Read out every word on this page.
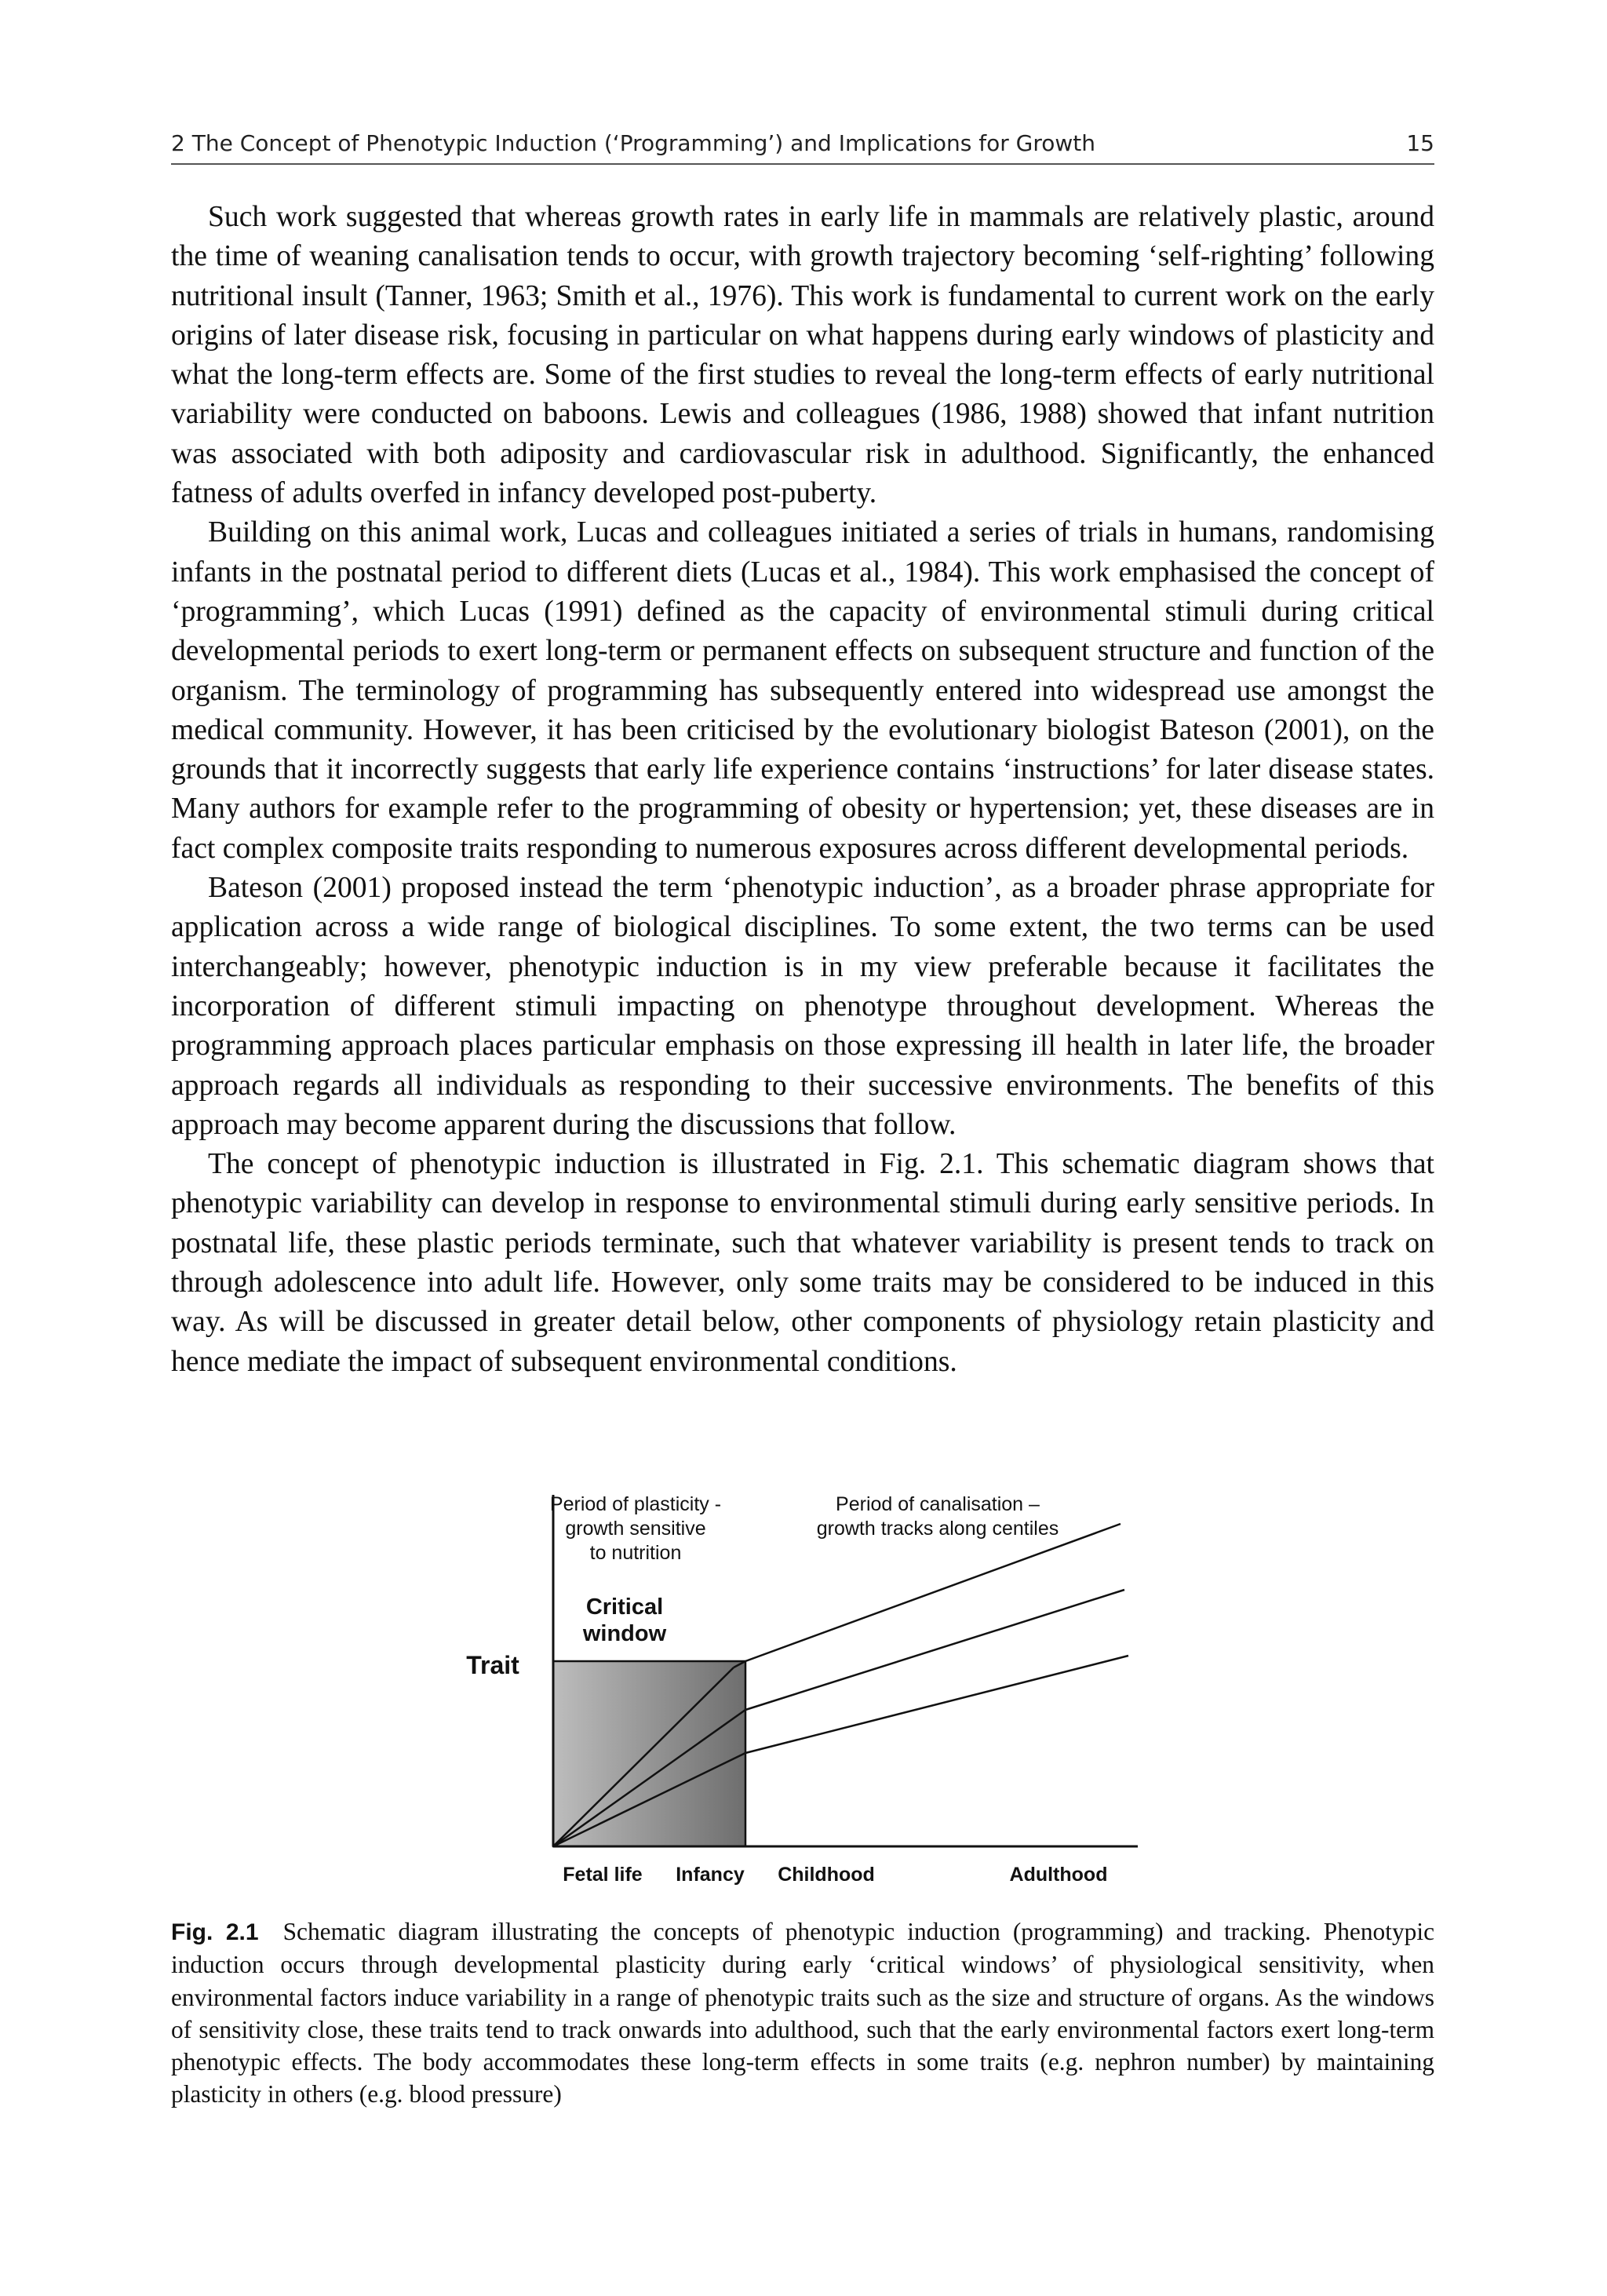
2 The Concept of Phenotypic Induction (‘Programming’) and Implications for Growth	15

Such work suggested that whereas growth rates in early life in mammals are relatively plastic, around the time of weaning canalisation tends to occur, with growth trajectory becoming ‘self-righting’ following nutritional insult (Tanner, 1963; Smith et al., 1976). This work is fundamental to current work on the early origins of later disease risk, focusing in particular on what happens during early windows of plasticity and what the long-term effects are. Some of the first studies to reveal the long-term effects of early nutritional variability were conducted on baboons. Lewis and colleagues (1986, 1988) showed that infant nutrition was associated with both adiposity and cardiovascular risk in adulthood. Significantly, the enhanced fatness of adults overfed in infancy developed post-puberty.

Building on this animal work, Lucas and colleagues initiated a series of trials in humans, randomising infants in the postnatal period to different diets (Lucas et al., 1984). This work emphasised the concept of ‘programming’, which Lucas (1991) defined as the capacity of environmental stimuli during critical developmental periods to exert long-term or permanent effects on subsequent structure and function of the organism. The terminology of programming has subsequently entered into widespread use amongst the medical community. However, it has been criticised by the evolutionary biologist Bateson (2001), on the grounds that it incorrectly suggests that early life experience contains ‘instructions’ for later disease states. Many authors for example refer to the programming of obesity or hypertension; yet, these diseases are in fact complex composite traits responding to numerous exposures across different developmental periods.

Bateson (2001) proposed instead the term ‘phenotypic induction’, as a broader phrase appropriate for application across a wide range of biological disciplines. To some extent, the two terms can be used interchangeably; however, phenotypic induction is in my view preferable because it facilitates the incorporation of different stimuli impacting on phenotype throughout development. Whereas the programming approach places particular emphasis on those expressing ill health in later life, the broader approach regards all individuals as responding to their successive environments. The benefits of this approach may become apparent during the discussions that follow.

The concept of phenotypic induction is illustrated in Fig. 2.1. This schematic diagram shows that phenotypic variability can develop in response to environmental stimuli during early sensitive periods. In postnatal life, these plastic periods terminate, such that whatever variability is present tends to track on through adolescence into adult life. However, only some traits may be considered to be induced in this way. As will be discussed in greater detail below, other components of physiology retain plasticity and hence mediate the impact of subsequent environmental conditions.

Trait
Period of plasticity -
growth sensitive
to nutrition
Period of canalisation –
growth tracks along centiles
Critical
window
Fetal life Infancy Childhood	Adulthood
Fig. 2.1  Schematic diagram illustrating the concepts of phenotypic induction (programming) and tracking. Phenotypic induction occurs through developmental plasticity during early ‘critical windows’ of physiological sensitivity, when environmental factors induce variability in a range of phenotypic traits such as the size and structure of organs. As the windows of sensitivity close, these traits tend to track onwards into adulthood, such that the early environmental factors exert long-term phenotypic effects. The body accommodates these long-term effects in some traits (e.g. nephron number) by maintaining plasticity in others (e.g. blood pressure)
